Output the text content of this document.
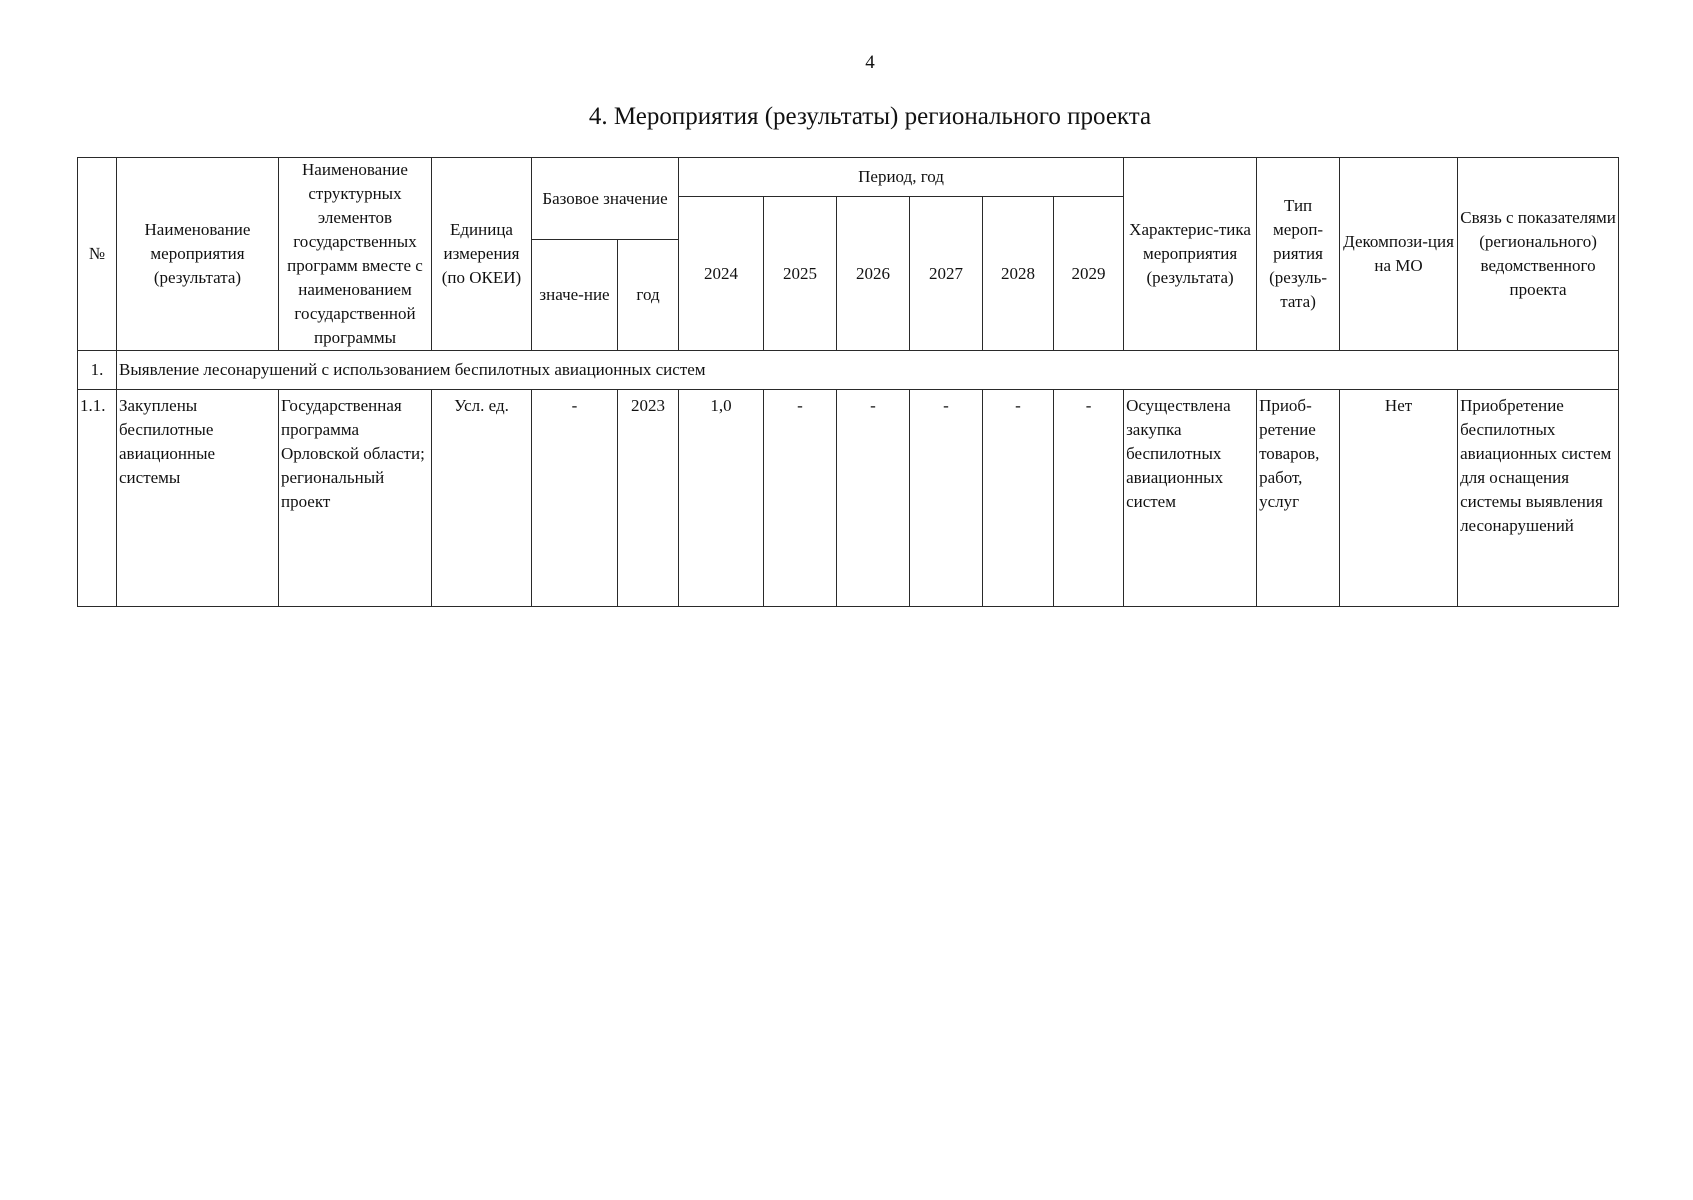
4
4. Мероприятия (результаты) регионального проекта
№	Наименование мероприятия (результата)	Наименование структурных элементов государственных программ вместе с наименованием государственной программы	Единица измерения (по ОКЕИ)	Базовое значение		Период, год						Характерис-тика мероприятия (результата)	Тип мероп-риятия (резуль-тата)	Декомпози-ция на МО	Связь с показателями (регионального) ведомственного проекта
						2024	2025	2026	2027	2028	2029				
				значе-ние	год										
1.	Выявление лесонарушений с использованием беспилотных авиационных систем														
1.1.	Закуплены беспилотные авиационные системы	Государственная программа Орловской области; региональный проект	Усл. ед.	-	2023	1,0	-	-	-	-	-	Осуществлена закупка беспилотных авиационных систем	Приоб-ретение товаров, работ, услуг	Нет	Приобретение беспилотных авиационных систем для оснащения системы выявления лесонарушений
